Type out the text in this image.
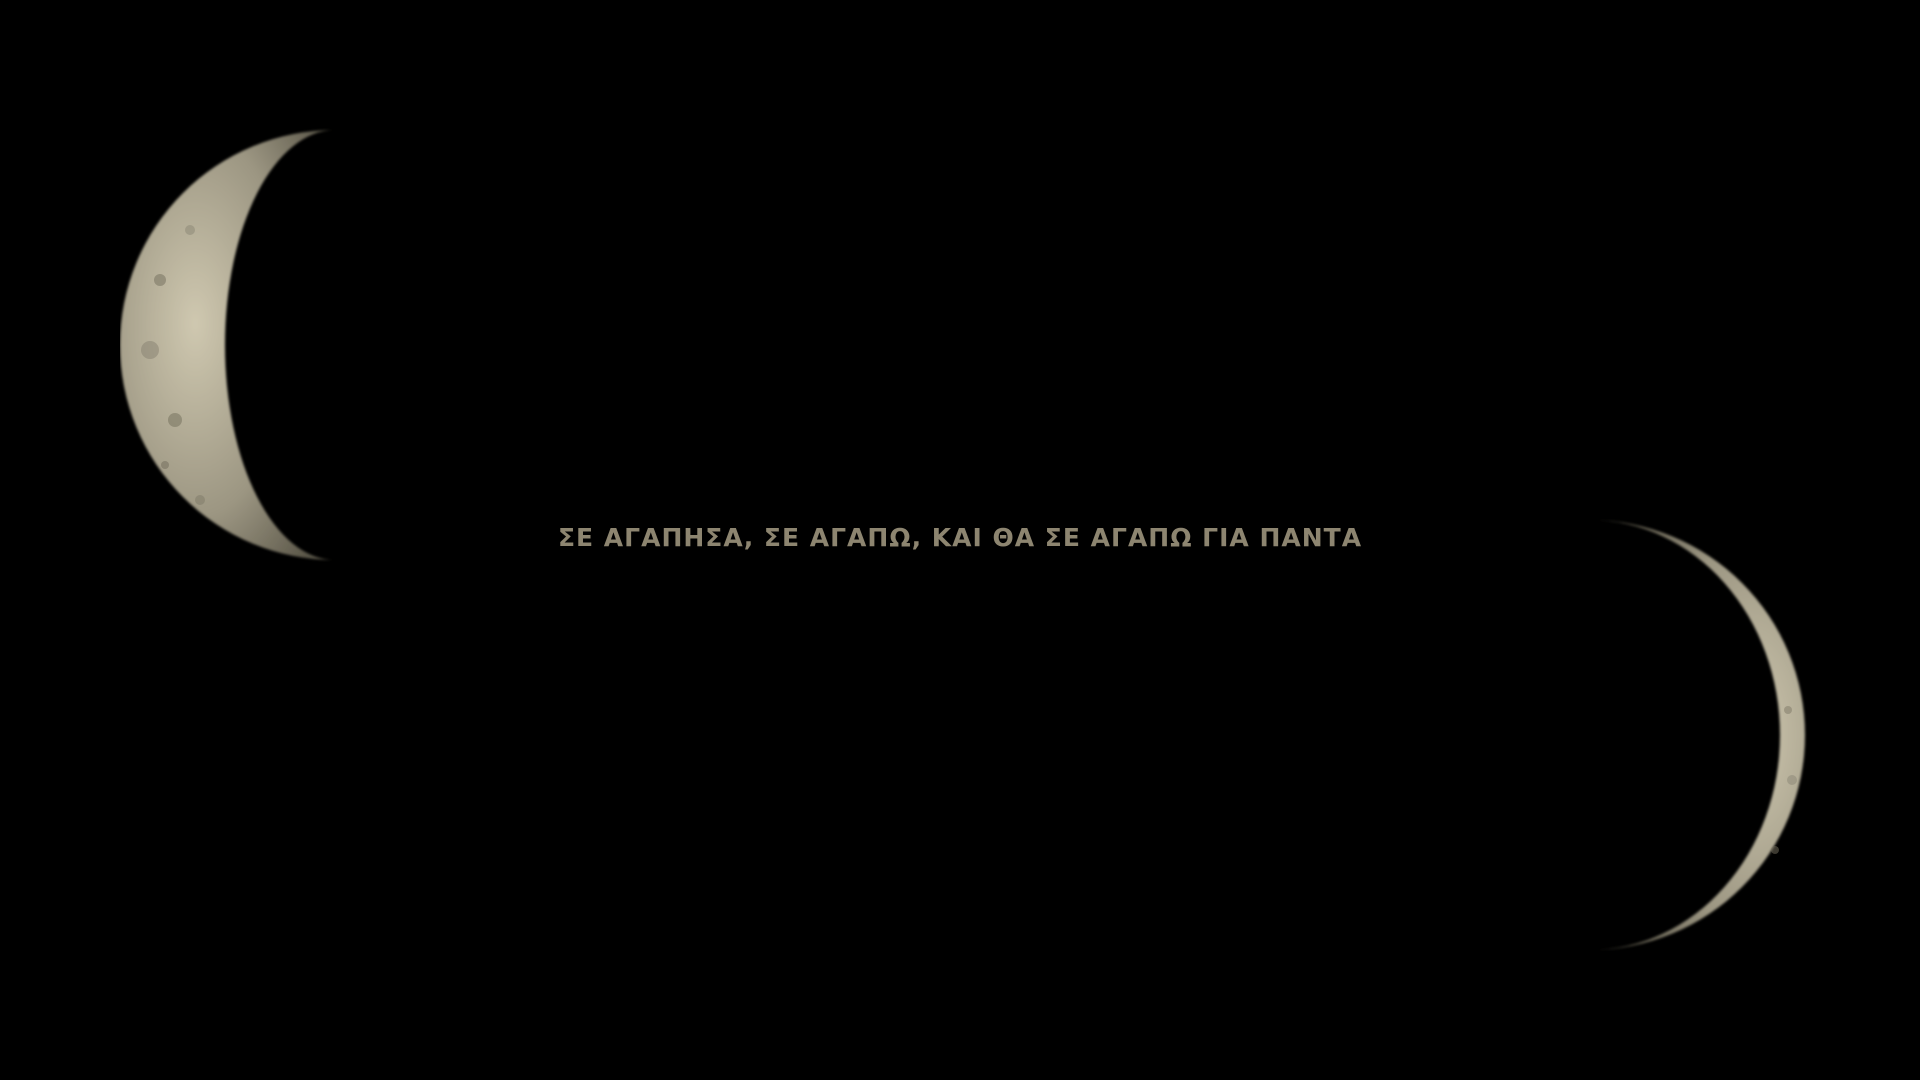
ΣΕ ΑΓΑΠΗΣΑ, ΣΕ ΑΓΑΠΩ, ΚΑΙ ΘΑ ΣΕ ΑΓΑΠΩ ΓΙΑ ΠΑΝΤΑ
